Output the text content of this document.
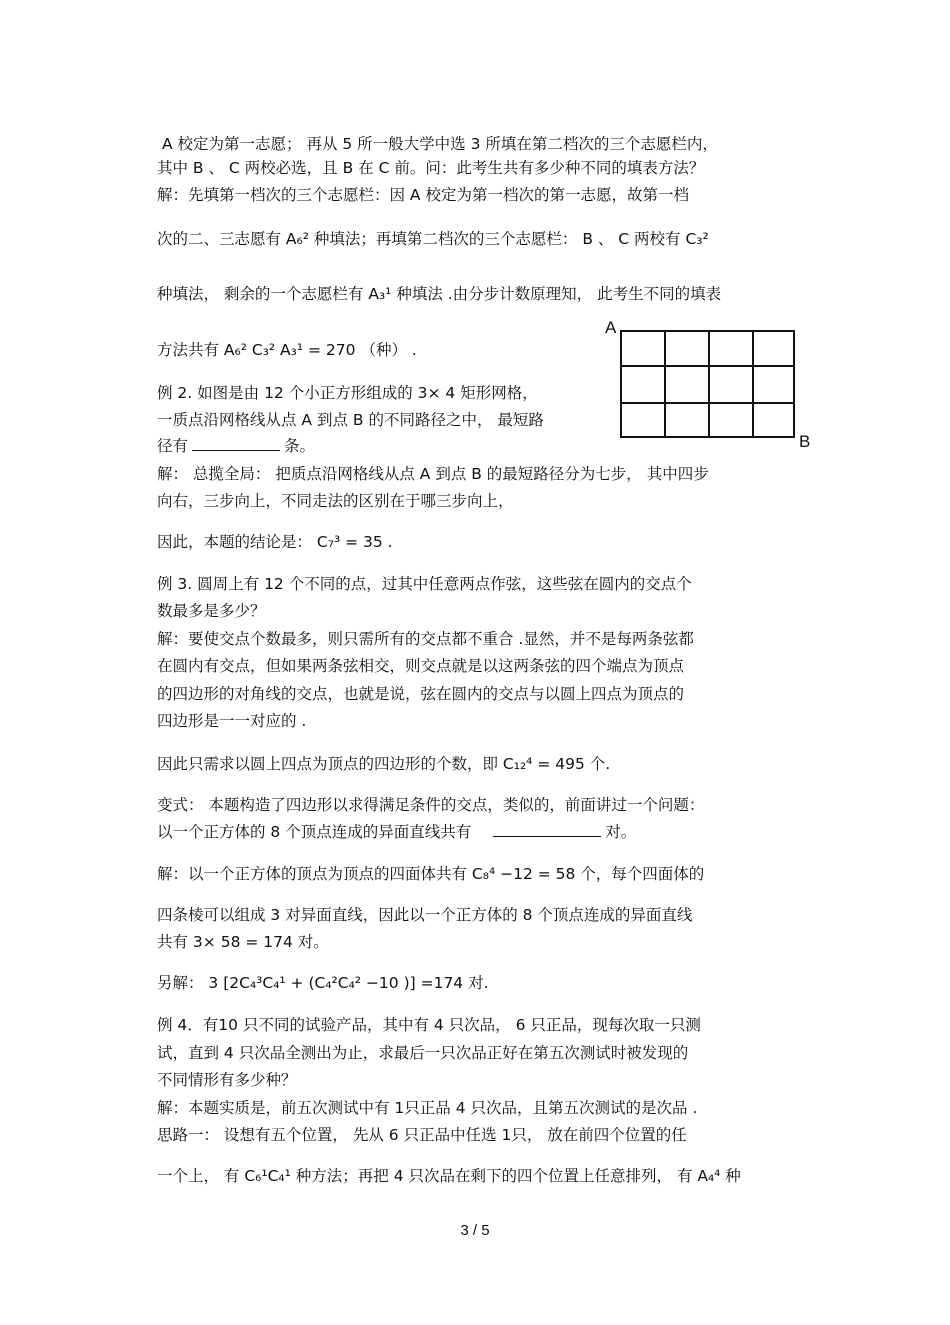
A 校定为第一志愿； 再从 5 所一般大学中选 3 所填在第二档次的三个志愿栏内，
其中 B 、 C 两校必选，且 B 在 C 前。问：此考生共有多少种不同的填表方法？
解：先填第一档次的三个志愿栏：因 A 校定为第一档次的第一志愿，故第一档
次的二、三志愿有 A₆² 种填法；再填第二档次的三个志愿栏： B 、 C 两校有 C₃²
种填法， 剩余的一个志愿栏有 A₃¹ 种填法 .由分步计数原理知， 此考生不同的填表
方法共有 A₆² C₃² A₃¹ = 270 （种） .
A
B
例 2. 如图是由 12 个小正方形组成的 3× 4 矩形网格，
一质点沿网格线从点 A 到点 B 的不同路径之中， 最短路
径有	条。
解： 总揽全局： 把质点沿网格线从点 A 到点 B 的最短路径分为七步， 其中四步
向右，三步向上，不同走法的区别在于哪三步向上，
因此，本题的结论是： C₇³ = 35 .
例 3. 圆周上有 12 个不同的点，过其中任意两点作弦，这些弦在圆内的交点个
数最多是多少？
解：要使交点个数最多，则只需所有的交点都不重合 .显然，并不是每两条弦都
在圆内有交点，但如果两条弦相交，则交点就是以这两条弦的四个端点为顶点
的四边形的对角线的交点，也就是说，弦在圆内的交点与以圆上四点为顶点的
四边形是一一对应的 .
因此只需求以圆上四点为顶点的四边形的个数，即 C₁₂⁴ = 495 个.
变式： 本题构造了四边形以求得满足条件的交点，类似的，前面讲过一个问题：
以一个正方体的 8 个顶点连成的异面直线共有	对。
解：以一个正方体的顶点为顶点的四面体共有 C₈⁴ −12 = 58 个，每个四面体的
四条棱可以组成 3 对异面直线，因此以一个正方体的 8 个顶点连成的异面直线
共有 3× 58 = 174 对。
另解： 3 [2C₄³C₄¹ + (C₄²C₄² −10 )] =174 对.
例 4．有10 只不同的试验产品，其中有 4 只次品， 6 只正品，现每次取一只测
试，直到 4 只次品全测出为止，求最后一只次品正好在第五次测试时被发现的
不同情形有多少种？
解：本题实质是，前五次测试中有 1只正品 4 只次品，且第五次测试的是次品 .
思路一： 设想有五个位置， 先从 6 只正品中任选 1只， 放在前四个位置的任
一个上， 有 C₆¹C₄¹ 种方法；再把 4 只次品在剩下的四个位置上任意排列， 有 A₄⁴ 种
3 / 5
